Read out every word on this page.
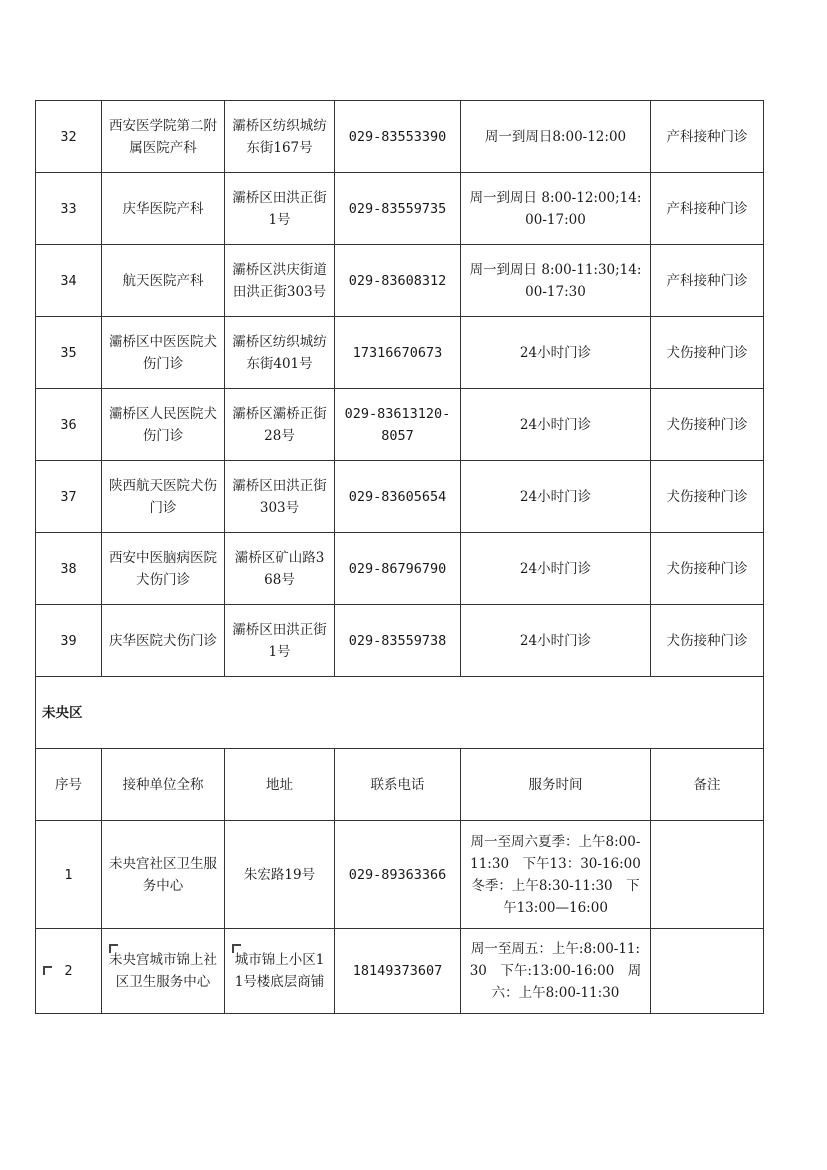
32	西安医学院第二附属医院产科	灞桥区纺织城纺东街167号	029-83553390	周一到周日8:00-12:00	产科接种门诊
33	庆华医院产科	灞桥区田洪正街1号	029-83559735	周一到周日 8:00-12:00;14:00-17:00	产科接种门诊
34	航天医院产科	灞桥区洪庆街道田洪正街303号	029-83608312	周一到周日 8:00-11:30;14:00-17:30	产科接种门诊
35	灞桥区中医医院犬伤门诊	灞桥区纺织城纺东街401号	17316670673	24小时门诊	犬伤接种门诊
36	灞桥区人民医院犬伤门诊	灞桥区灞桥正街28号	029-83613120-8057	24小时门诊	犬伤接种门诊
37	陕西航天医院犬伤门诊	灞桥区田洪正街303号	029-83605654	24小时门诊	犬伤接种门诊
38	西安中医脑病医院犬伤门诊	灞桥区矿山路368号	029-86796790	24小时门诊	犬伤接种门诊
39	庆华医院犬伤门诊	灞桥区田洪正街1号	029-83559738	24小时门诊	犬伤接种门诊
未央区					
序号	接种单位全称	地址	联系电话	服务时间	备注
1	未央宫社区卫生服务中心	朱宏路19号	029-89363366	周一至周六夏季：上午8:00-11:30　下午13：30-16:00冬季：上午8:30-11:30　下午13:00—16:00	
2	未央宫城市锦上社区卫生服务中心	城市锦上小区11号楼底层商铺	18149373607	周一至周五：上午:8:00-11:30　下午:13:00-16:00　周六：上午8:00-11:30	
